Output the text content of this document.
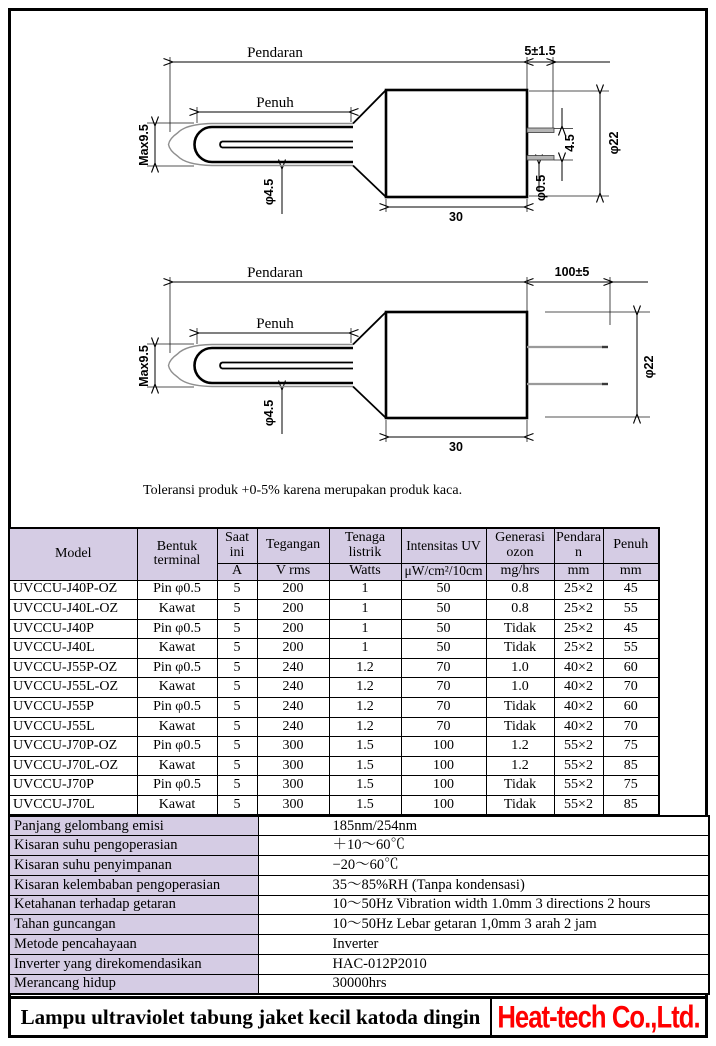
Pendaran	5±1.5
Penuh
Max9.5
φ4.5
30
φ0.5
4.5 φ22
Pendaran	100±5
Penuh
Max9.5
φ4.5
30
φ22
Toleransi produk +0-5% karena merupakan produk kaca.
Model	Bentuk terminal	Saat ini	Tegangan	Tenaga listrik	Intensitas UV	Generasi ozon	Pendaran	Penuh
		A	V rms	Watts	μW/cm²/10cm	mg/hrs	mm	mm
UVCCU-J40P-OZ	Pin φ0.5	5	200	1	50	0.8	25×2	45
UVCCU-J40L-OZ	Kawat	5	200	1	50	0.8	25×2	55
UVCCU-J40P	Pin φ0.5	5	200	1	50	Tidak	25×2	45
UVCCU-J40L	Kawat	5	200	1	50	Tidak	25×2	55
UVCCU-J55P-OZ	Pin φ0.5	5	240	1.2	70	1.0	40×2	60
UVCCU-J55L-OZ	Kawat	5	240	1.2	70	1.0	40×2	70
UVCCU-J55P	Pin φ0.5	5	240	1.2	70	Tidak	40×2	60
UVCCU-J55L	Kawat	5	240	1.2	70	Tidak	40×2	70
UVCCU-J70P-OZ	Pin φ0.5	5	300	1.5	100	1.2	55×2	75
UVCCU-J70L-OZ	Kawat	5	300	1.5	100	1.2	55×2	85
UVCCU-J70P	Pin φ0.5	5	300	1.5	100	Tidak	55×2	75
UVCCU-J70L	Kawat	5	300	1.5	100	Tidak	55×2	85
Panjang gelombang emisi	185nm/254nm
Kisaran suhu pengoperasian	＋10〜60℃
Kisaran suhu penyimpanan	−20〜60℃
Kisaran kelembaban pengoperasian	35〜85%RH (Tanpa kondensasi)
Ketahanan terhadap getaran	10〜50Hz Vibration width 1.0mm 3 directions 2 hours
Tahan guncangan	10〜50Hz Lebar getaran 1,0mm 3 arah 2 jam
Metode pencahayaan	Inverter
Inverter yang direkomendasikan	HAC-012P2010
Merancang hidup	30000hrs
Lampu ultraviolet tabung jaket kecil katoda dingin Heat-tech Co.,Ltd.
